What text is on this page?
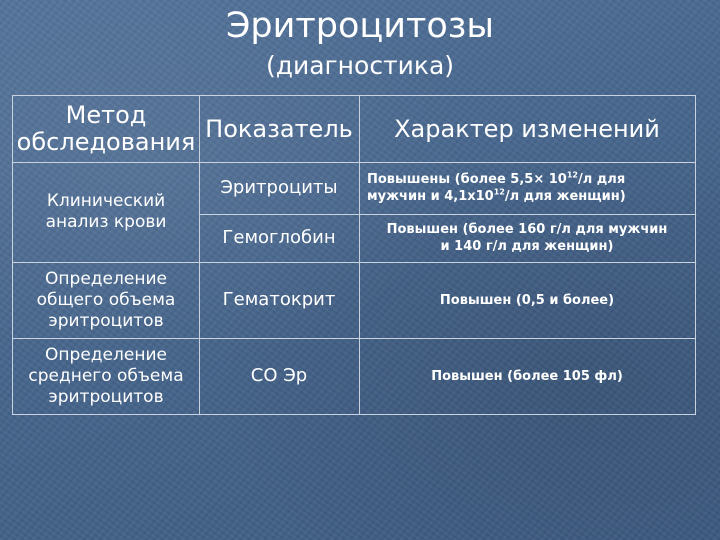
Эритроцитозы
(диагностика)
Метод обследования Показатель	Характер изменений
Клинический анализ крови
Определение общего объема эритроцитов
Определение среднего объема эритроцитов
Эритроциты
Гемоглобин
Гематокрит
СО Эр
Повышены (более $5,5\times 10^{12}/л$ для
мужчин и $4,1х10^{12}/л$ для женщин)
Повышен (более 160 г/л для мужчин и 140 г/л для женщин)
Повышен (0,5 и более)
Повышен (более 105 фл)
